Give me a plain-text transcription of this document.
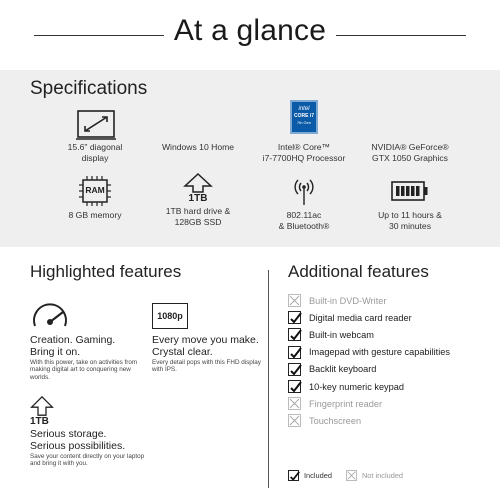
At a glance
Specifications
15.6" diagonal
display
Windows 10 Home
intel
CORE i7
7th Gen
Intel® Core™
i7-7700HQ Processor
NVIDIA® GeForce®
GTX 1050 Graphics
RAM
8 GB memory
1TB
1TB hard drive &
128GB SSD
802.11ac
& Bluetooth®
Up to 11 hours &
30 minutes
Highlighted features
Creation. Gaming.
Bring it on.
With this power, take on activities from making digital art to conquering new worlds.
1080p
Every move you make.
Crystal clear.
Every detail pops with this FHD display with IPS.
1TB
Serious storage.
Serious possibilities.
Save your content directly on your laptop and bring it with you.
Additional features
Built-in DVD-Writer
Digital media card reader
Built-in webcam
Imagepad with gesture capabilities
Backlit keyboard
10-key numeric keypad
Fingerprint reader
Touchscreen
Included	Not included
